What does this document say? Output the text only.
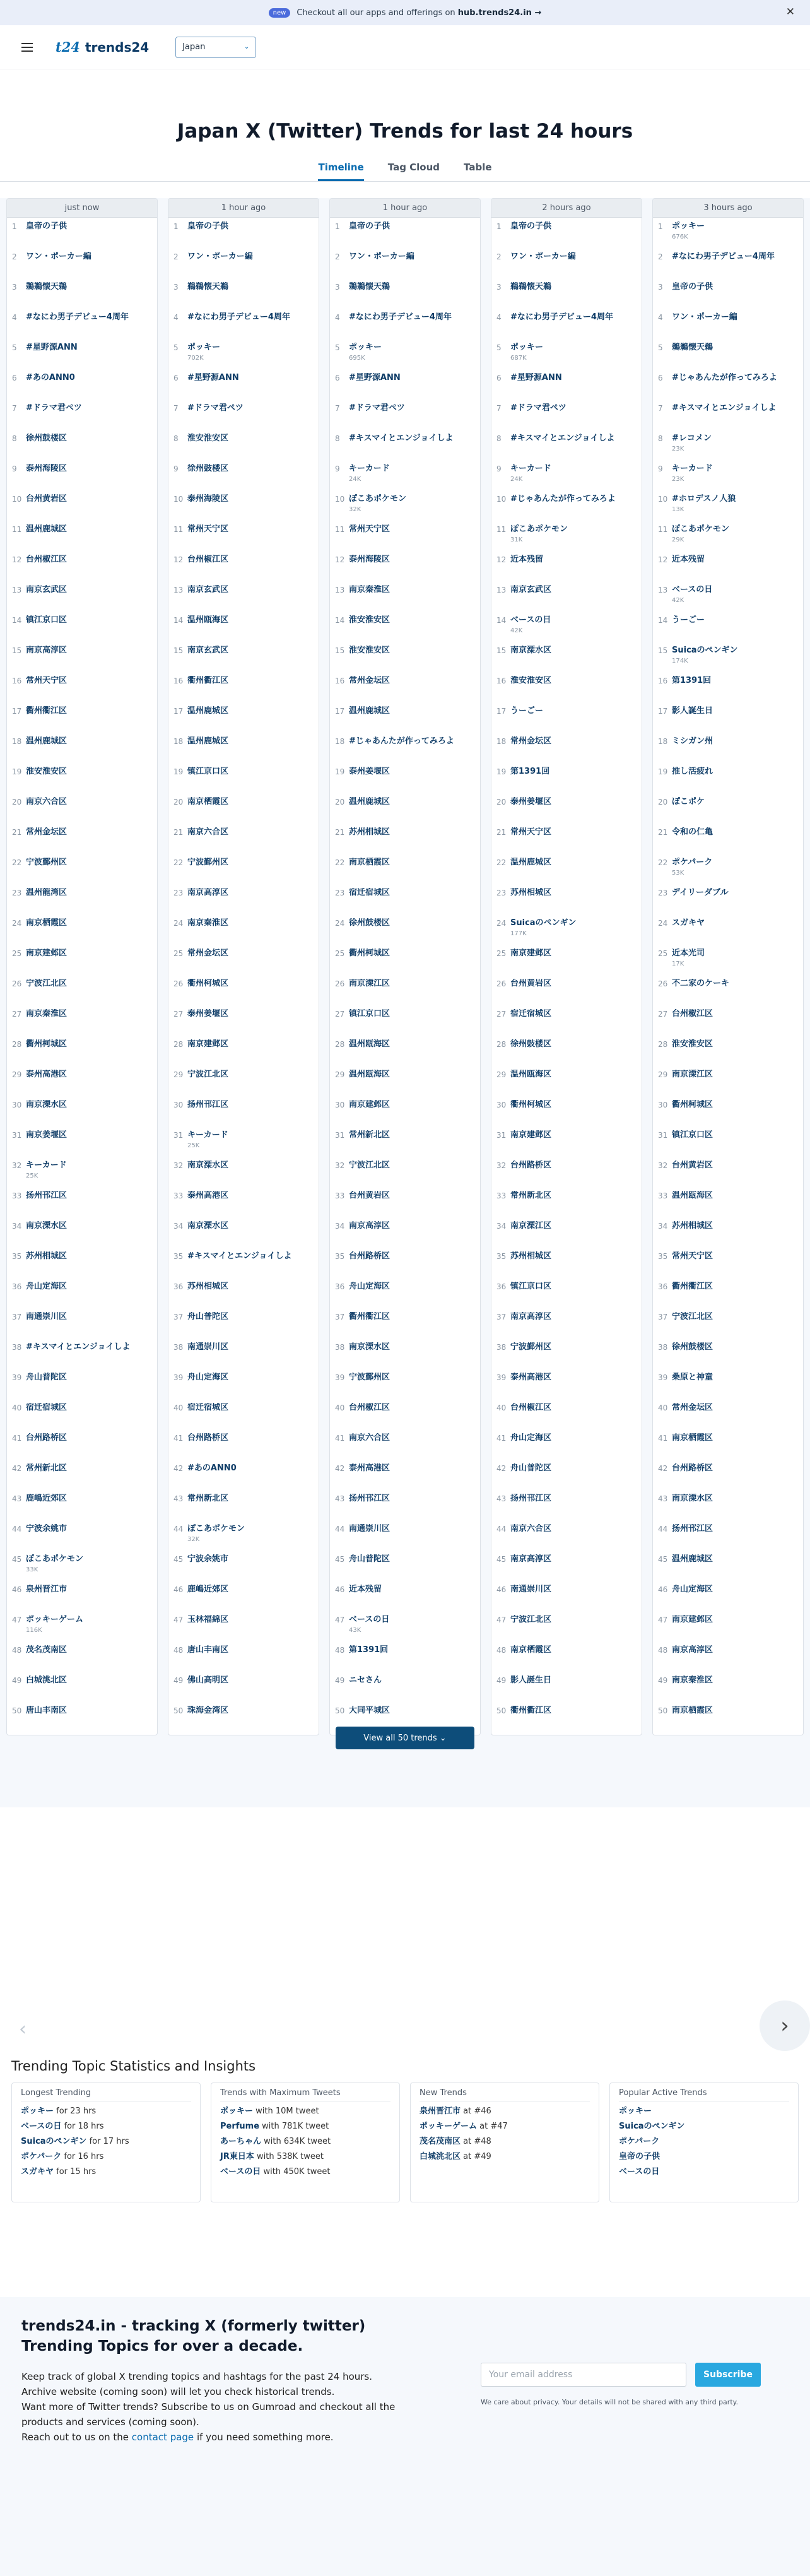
new	Checkout all our apps and offerings on hub.trends24.in →	✕
t24 trends24	Japan	⌄
Japan X (Twitter) Trends for last 24 hours
Timeline	Tag Cloud	Table
just now
1	皇帝の子供
2	ワン・ポーカー編
3	鵜鵜懐天鵜
4	#なにわ男子デビュー4周年
5	#星野源ANN
6	#あのANN0
7	#ドラマ君ペツ
8	徐州鼓楼区
9	泰州海陵区
10 台州黄岩区
11 温州鹿城区
12 台州椒江区
13 南京玄武区
14 镇江京口区
15 南京高淳区
16 常州天宁区
17 衢州衢江区
18 温州鹿城区
19 淮安淮安区
20 南京六合区
21 常州金坛区
22 宁波鄞州区
23 温州龍湾区
24 南京栖霞区
25 南京建邺区
26 宁波江北区
27 南京秦淮区
28 衢州柯城区
29 泰州高港区
30 南京溧水区
31 南京姜堰区
32 キーカード
25K
33 扬州邗江区
34 南京溧水区
35 苏州相城区
36 舟山定海区
37 南通崇川区
38 #キスマイとエンジョイしよ
39 舟山普陀区
40 宿迁宿城区
41 台州路桥区
42 常州新北区
43 鹿嶋近郊区
44 宁波余姚市
45 ぽこあポケモン
33K
46 泉州晋江市
47 ポッキーゲーム
116K
48 茂名茂南区
49 白城洮北区
50 唐山丰南区
1 hour ago
1	皇帝の子供
2	ワン・ポーカー編
3	鵜鵜懐天鵜
4	#なにわ男子デビュー4周年
5	ポッキー
702K
6	#星野源ANN
7	#ドラマ君ペツ
8	淮安淮安区
9	徐州鼓楼区
10 泰州海陵区
11 常州天宁区
12 台州椒江区
13 南京玄武区
14 温州瓯海区
15 南京玄武区
16 衢州衢江区
17 温州鹿城区
18 温州鹿城区
19 镇江京口区
20 南京栖霞区
21 南京六合区
22 宁波鄞州区
23 南京高淳区
24 南京秦淮区
25 常州金坛区
26 衢州柯城区
27 泰州姜堰区
28 南京建邺区
29 宁波江北区
30 扬州邗江区
31 キーカード
25K
32 南京溧水区
33 泰州高港区
34 南京溧水区
35 #キスマイとエンジョイしよ
36 苏州相城区
37 舟山普陀区
38 南通崇川区
39 舟山定海区
40 宿迁宿城区
41 台州路桥区
42 #あのANN0
43 常州新北区
44 ぽこあポケモン
32K
45 宁波余姚市
46 鹿嶋近郊区
47 玉林福綿区
48 唐山丰南区
49 佛山高明区
50 珠海金湾区
1 hour ago
1	皇帝の子供
2	ワン・ポーカー編
3	鵜鵜懐天鵜
4	#なにわ男子デビュー4周年
5	ポッキー
695K
6	#星野源ANN
7	#ドラマ君ペツ
8	#キスマイとエンジョイしよ
9	キーカード
24K
10 ぽこあポケモン
32K
11 常州天宁区
12 泰州海陵区
13 南京秦淮区
14 淮安淮安区
15 淮安淮安区
16 常州金坛区
17 温州鹿城区
18 #じゃあんたが作ってみろよ
19 泰州姜堰区
20 温州鹿城区
21 苏州相城区
22 南京栖霞区
23 宿迁宿城区
24 徐州鼓楼区
25 衢州柯城区
26 南京溧江区
27 镇江京口区
28 温州瓯海区
29 温州瓯海区
30 南京建邺区
31 常州新北区
32 宁波江北区
33 台州黄岩区
34 南京高淳区
35 台州路桥区
36 舟山定海区
37 衢州衢江区
38 南京溧水区
39 宁波鄞州区
40 台州椒江区
41 南京六合区
42 泰州高港区
43 扬州邗江区
44 南通崇川区
45 舟山普陀区
46 近本残留
47 ベースの日
43K
48 第1391回
49 ニセさん
50 大同平城区
2 hours ago
1	皇帝の子供
2	ワン・ポーカー編
3	鵜鵜懐天鵜
4	#なにわ男子デビュー4周年
5	ポッキー
687K
6	#星野源ANN
7	#ドラマ君ペツ
8	#キスマイとエンジョイしよ
9	キーカード
24K
10 #じゃあんたが作ってみろよ
11 ぽこあポケモン
31K
12 近本残留
13 南京玄武区
14 ベースの日
42K
15 南京溧水区
16 淮安淮安区
17 うーごー
18 常州金坛区
19 第1391回
20 泰州姜堰区
21 常州天宁区
22 温州鹿城区
23 苏州相城区
24 Suicaのペンギン
177K
25 南京建邺区
26 台州黄岩区
27 宿迁宿城区
28 徐州鼓楼区
29 温州瓯海区
30 衢州柯城区
31 南京建邺区
32 台州路桥区
33 常州新北区
34 南京溧江区
35 苏州相城区
36 镇江京口区
37 南京高淳区
38 宁波鄞州区
39 泰州高港区
40 台州椒江区
41 舟山定海区
42 舟山普陀区
43 扬州邗江区
44 南京六合区
45 南京高淳区
46 南通崇川区
47 宁波江北区
48 南京栖霞区
49 影人誕生日
50 衢州衢江区
3 hours ago
1	ポッキー
676K
2	#なにわ男子デビュー4周年
3	皇帝の子供
4	ワン・ポーカー編
5	鵜鵜懐天鵜
6	#じゃあんたが作ってみろよ
7	#キスマイとエンジョイしよ
8	#レコメン
23K
9	キーカード
23K
10 #ホロデスノ人狼
13K
11 ぽこあポケモン
29K
12 近本残留
13 ベースの日
42K
14 うーごー
15 Suicaのペンギン
174K
16 第1391回
17 影人誕生日
18 ミシガン州
19 推し活疲れ
20 ぽこポケ
21 令和の仁亀
22 ポケパーク
53K
23 デイリーダブル
24 スガキヤ
25 近本光司
17K
26 不二家のケーキ
27 台州椒江区
28 淮安淮安区
29 南京溧江区
30 衢州柯城区
31 镇江京口区
32 台州黄岩区
33 温州瓯海区
34 苏州相城区
35 常州天宁区
36 衢州衢江区
37 宁波江北区
38 徐州鼓楼区
39 桑原と神童
40 常州金坛区
41 南京栖霞区
42 台州路桥区
43 南京溧水区
44 扬州邗江区
45 温州鹿城区
46 舟山定海区
47 南京建邺区
48 南京高淳区
49 南京秦淮区
50 南京栖霞区
View all 50 trends ⌄
‹	›
Trending Topic Statistics and Insights
Longest Trending
ポッキー for 23 hrs
ベースの日 for 18 hrs
Suicaのペンギン for 17 hrs
ポケパーク for 16 hrs
スガキヤ for 15 hrs
Trends with Maximum Tweets
ポッキー with 10M tweet
Perfume with 781K tweet
あーちゃん with 634K tweet
JR東日本 with 538K tweet
ベースの日 with 450K tweet
New Trends
泉州晋江市 at #46
ポッキーゲーム at #47
茂名茂南区 at #48
白城洮北区 at #49
Popular Active Trends
ポッキー
Suicaのペンギン
ポケパーク
皇帝の子供
ベースの日
trends24.in - tracking X (formerly twitter) Trending Topics for over a decade.

Keep track of global X trending topics and hashtags for the past 24 hours.
Archive website (coming soon) will let you check historical trends.
Want more of Twitter trends? Subscribe to us on Gumroad and checkout all the products and services (coming soon).
Reach out to us on the contact page if you need something more.

Your email address	Subscribe
We care about privacy. Your details will not be shared with any third party.
